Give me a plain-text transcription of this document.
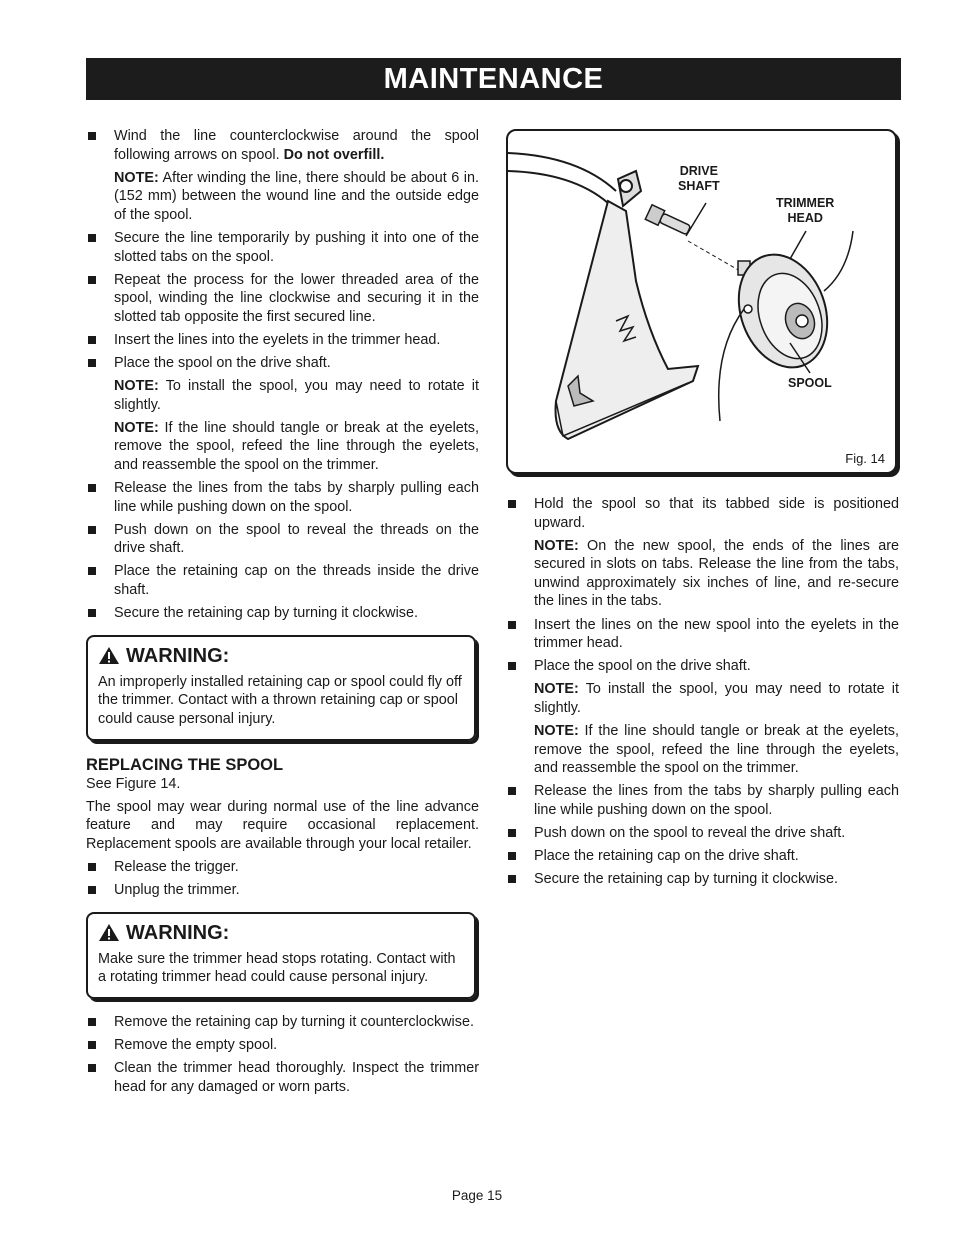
MAINTENANCE
Wind the line counterclockwise around the spool following arrows on spool. Do not overfill.
NOTE: After winding the line, there should be about 6 in. (152 mm) between the wound line and the outside edge of the spool.
Secure the line temporarily by pushing it into one of the slotted tabs on the spool.
Repeat the process for the lower threaded area of the spool, winding the line clockwise and securing it in the slotted tab opposite the first secured line.
Insert the lines into the eyelets in the trimmer head.
Place the spool on the drive shaft.
NOTE: To install the spool, you may need to rotate it slightly.
NOTE: If the line should tangle or break at the eyelets, remove the spool, refeed the line through the eyelets, and reassemble the spool on the trimmer.
Release the lines from the tabs by sharply pulling each line while pushing down on the spool.
Push down on the spool to reveal the threads on the drive shaft.
Place the retaining cap on the threads inside the drive shaft.
Secure the retaining cap by turning it clockwise.
WARNING:
An improperly installed retaining cap or spool could fly off the trimmer. Contact with a thrown retaining cap or spool could cause personal injury.
REPLACING THE SPOOL
See Figure 14.
The spool may wear during normal use of the line advance feature and may require occasional replacement. Replacement spools are available through your local retailer.
Release the trigger.
Unplug the trimmer.
WARNING:
Make sure the trimmer head stops rotating. Contact with a rotating trimmer head could cause personal injury.
Remove the retaining cap by turning it counterclockwise.
Remove the empty spool.
Clean the trimmer head thoroughly. Inspect the trimmer head for any damaged or worn parts.
DRIVE
SHAFT
TRIMMER
HEAD
SPOOL
Fig. 14
Hold the spool so that its tabbed side is positioned upward.
NOTE: On the new spool, the ends of the lines are secured in slots on tabs. Release the line from the tabs, unwind approximately six inches of line, and re-secure the lines in the tabs.
Insert the lines on the new spool into the eyelets in the trimmer head.
Place the spool on the drive shaft.
NOTE: To install the spool, you may need to rotate it slightly.
NOTE: If the line should tangle or break at the eyelets, remove the spool, refeed the line through the eyelets, and reassemble the spool on the trimmer.
Release the lines from the tabs by sharply pulling each line while pushing down on the spool.
Push down on the spool to reveal the drive shaft.
Place the retaining cap on the drive shaft.
Secure the retaining cap by turning it clockwise.
Page 15
